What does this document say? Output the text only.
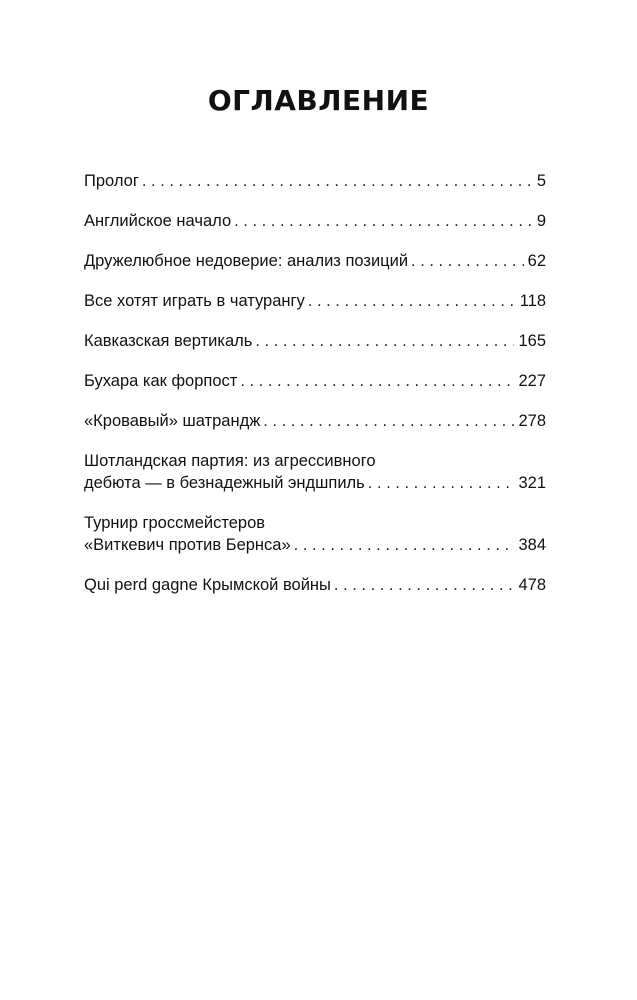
ОГЛАВЛЕНИЕ
Пролог . . .	5
Английское начало . . .	9
Дружелюбное недоверие: анализ позиций . . .	62
Все хотят играть в чатурангу . . .	118
Кавказская вертикаль . . .	165
Бухара как форпост . . .	227
«Кровавый» шатрандж . . .	278
Шотландская партия: из агрессивного
дебюта — в безнадежный эндшпиль . . .	321
Турнир гроссмейстеров
«Виткевич против Бернса» . . .	384
Qui perd gagne Крымской войны . . .	478
